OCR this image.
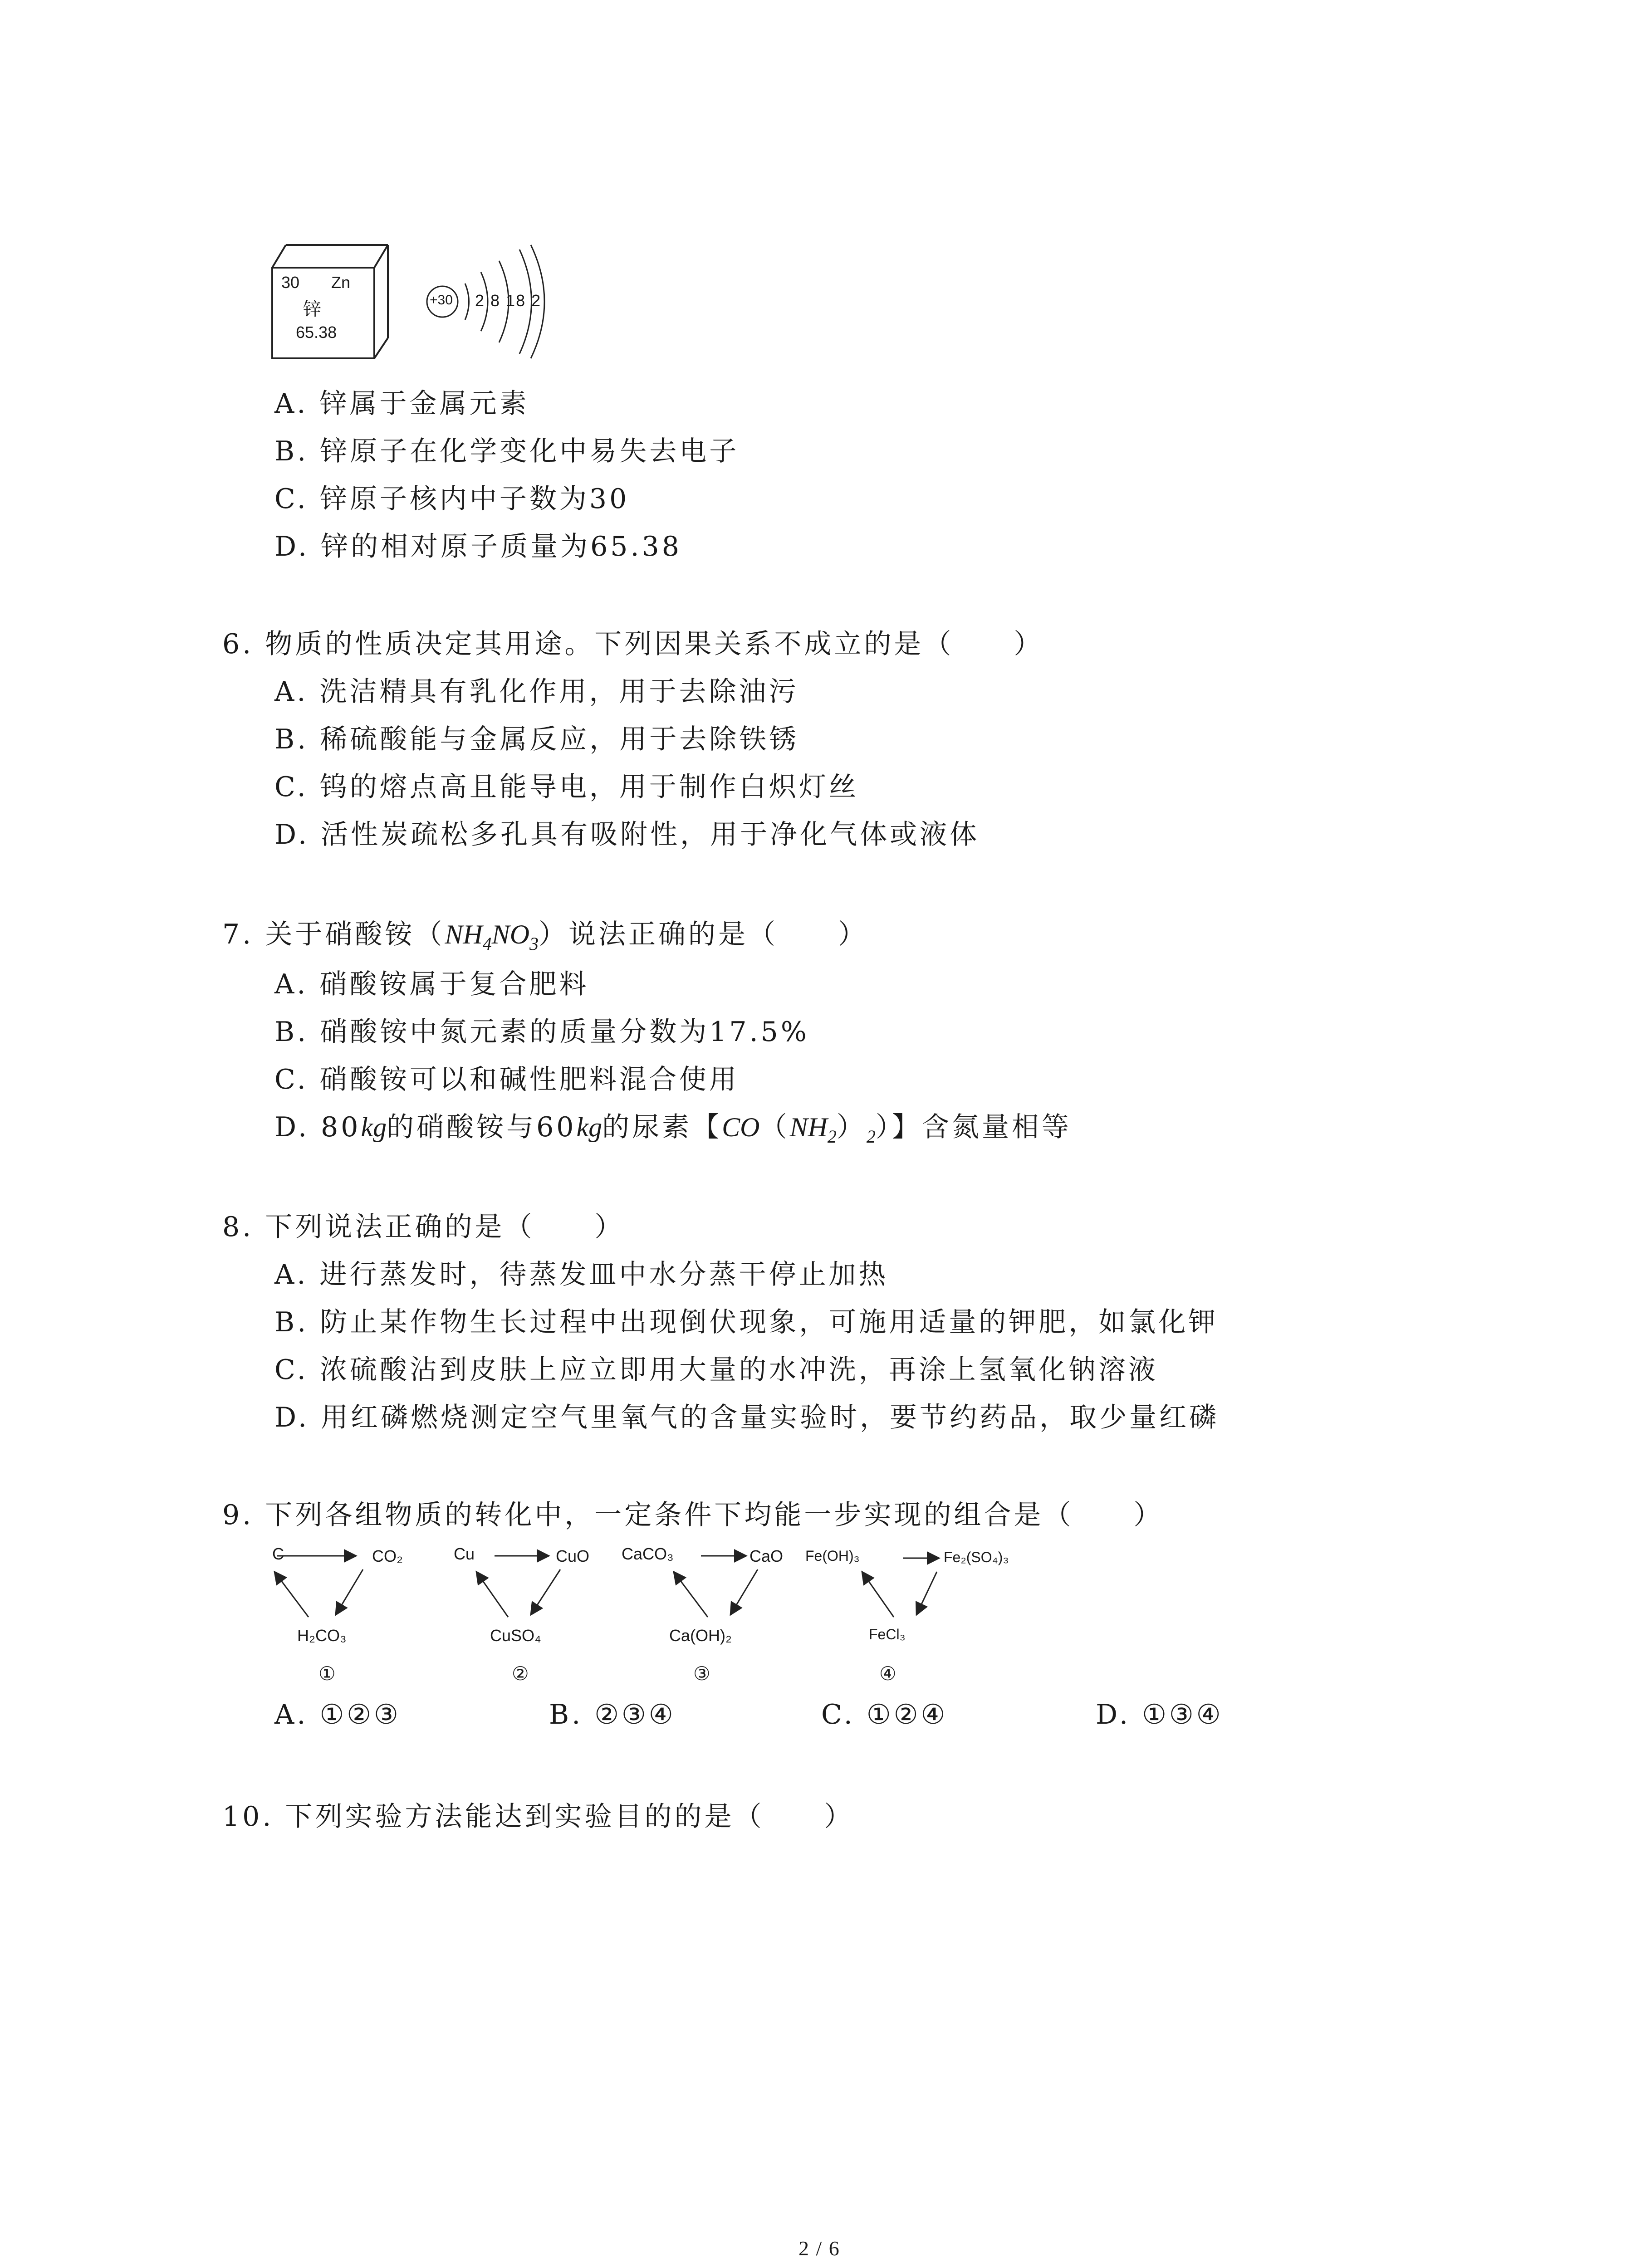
30 Zn
锌
65.38
+30 2 8 18 2
A. 锌属于金属元素
B. 锌原子在化学变化中易失去电子
C. 锌原子核内中子数为30
D. 锌的相对原子质量为65.38
6. 物质的性质决定其用途。下列因果关系不成立的是（　　）
A. 洗洁精具有乳化作用，用于去除油污
B. 稀硫酸能与金属反应，用于去除铁锈
C. 钨的熔点高且能导电，用于制作白炽灯丝
D. 活性炭疏松多孔具有吸附性，用于净化气体或液体
7. 关于硝酸铵$(NH_4NO_3)$说法正确的是（　　）
A. 硝酸铵属于复合肥料
B. 硝酸铵中氮元素的质量分数为17.5%
C. 硝酸铵可以和碱性肥料混合使用
D. 80kg的硝酸铵与60kg的尿素【$CO(NH_2)_2$）】含氮量相等
8. 下列说法正确的是（　　）
A. 进行蒸发时，待蒸发皿中水分蒸干停止加热
B. 防止某作物生长过程中出现倒伏现象，可施用适量的钾肥，如氯化钾
C. 浓硫酸沾到皮肤上应立即用大量的水冲洗，再涂上氢氧化钠溶液
D. 用红磷燃烧测定空气里氧气的含量实验时，要节约药品，取少量红磷
9. 下列各组物质的转化中，一定条件下均能一步实现的组合是（　　）
C	CO₂
H₂CO₃
①
Cu	CuO
CuSO₄
②
CaCO₃	CaO
Ca(OH)₂
③
Fe(OH)₃	Fe₂(SO₄)₃
FeCl₃
④
A. ①②③	B. ②③④	C. ①②④	D. ①③④
10. 下列实验方法能达到实验目的的是（　　）
2 / 6
